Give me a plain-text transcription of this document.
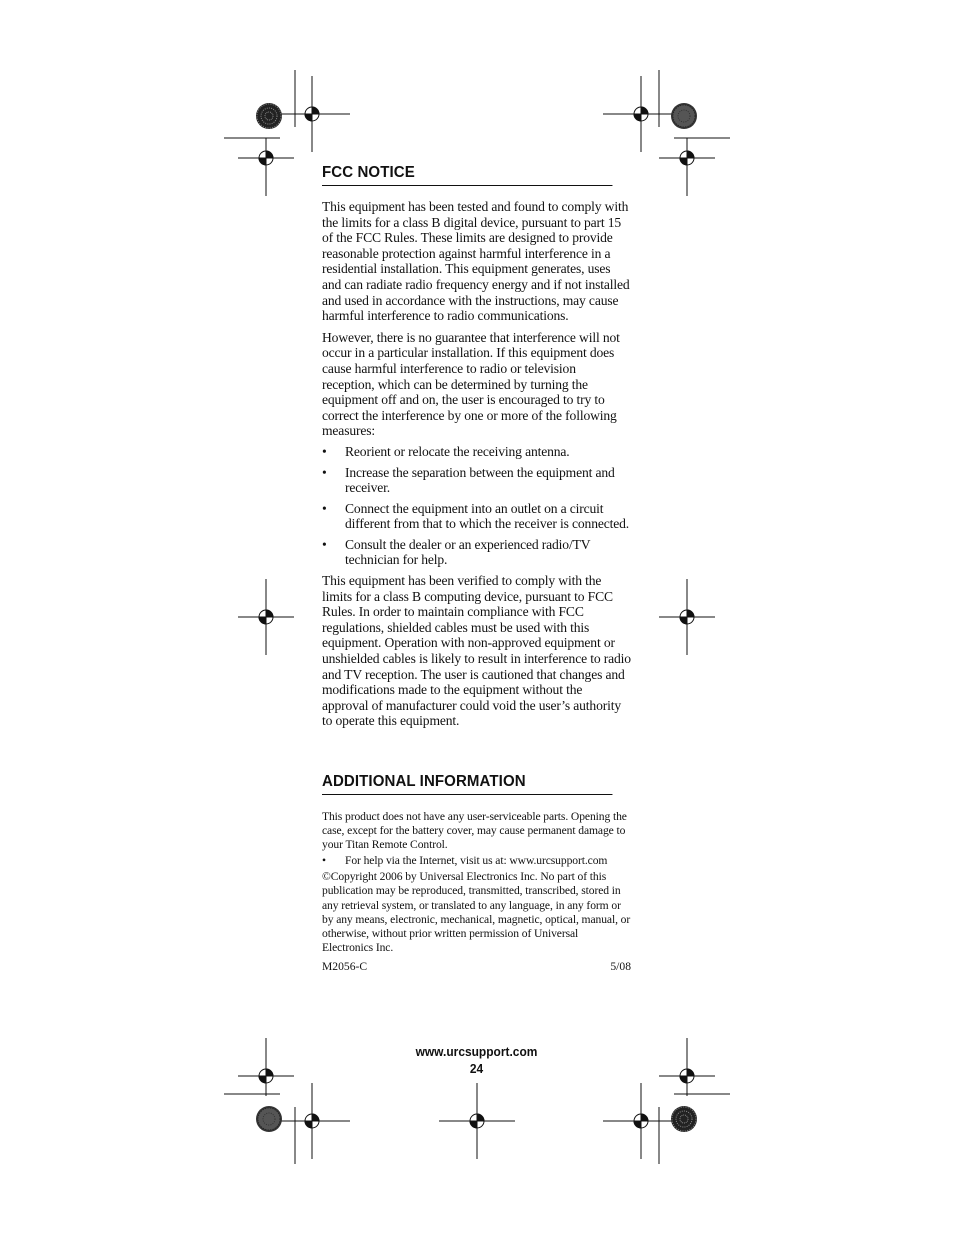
FCC NOTICE

This equipment has been tested and found to comply with the limits for a class B digital device, pursuant to part 15 of the FCC Rules. These limits are designed to provide reasonable protection against harmful interference in a residential installation. This equipment generates, uses and can radiate radio frequency energy and if not installed and used in accordance with the instructions, may cause harmful interference to radio communications.

However, there is no guarantee that interference will not occur in a particular installation. If this equipment does cause harmful interference to radio or television reception, which can be determined by turning the equipment off and on, the user is encouraged to try to correct the interference by one or more of the following measures:

• Reorient or relocate the receiving antenna.
• Increase the separation between the equipment and receiver.
• Connect the equipment into an outlet on a circuit different from that to which the receiver is connected.
• Consult the dealer or an experienced radio/TV technician for help.

This equipment has been verified to comply with the limits for a class B computing device, pursuant to FCC Rules. In order to maintain compliance with FCC regulations, shielded cables must be used with this equipment. Operation with non-approved equipment or unshielded cables is likely to result in interference to radio and TV reception. The user is cautioned that changes and modifications made to the equipment without the approval of manufacturer could void the user’s authority to operate this equipment.

ADDITIONAL INFORMATION

This product does not have any user-serviceable parts. Opening the case, except for the battery cover, may cause permanent damage to your Titan Remote Control.

• For help via the Internet, visit us at: www.urcsupport.com

©Copyright 2006 by Universal Electronics Inc. No part of this publication may be reproduced, transmitted, transcribed, stored in any retrieval system, or translated to any language, in any form or by any means, electronic, mechanical, magnetic, optical, manual, or otherwise, without prior written permission of Universal Electronics Inc.

M2056-C	5/08
www.urcsupport.com
24
